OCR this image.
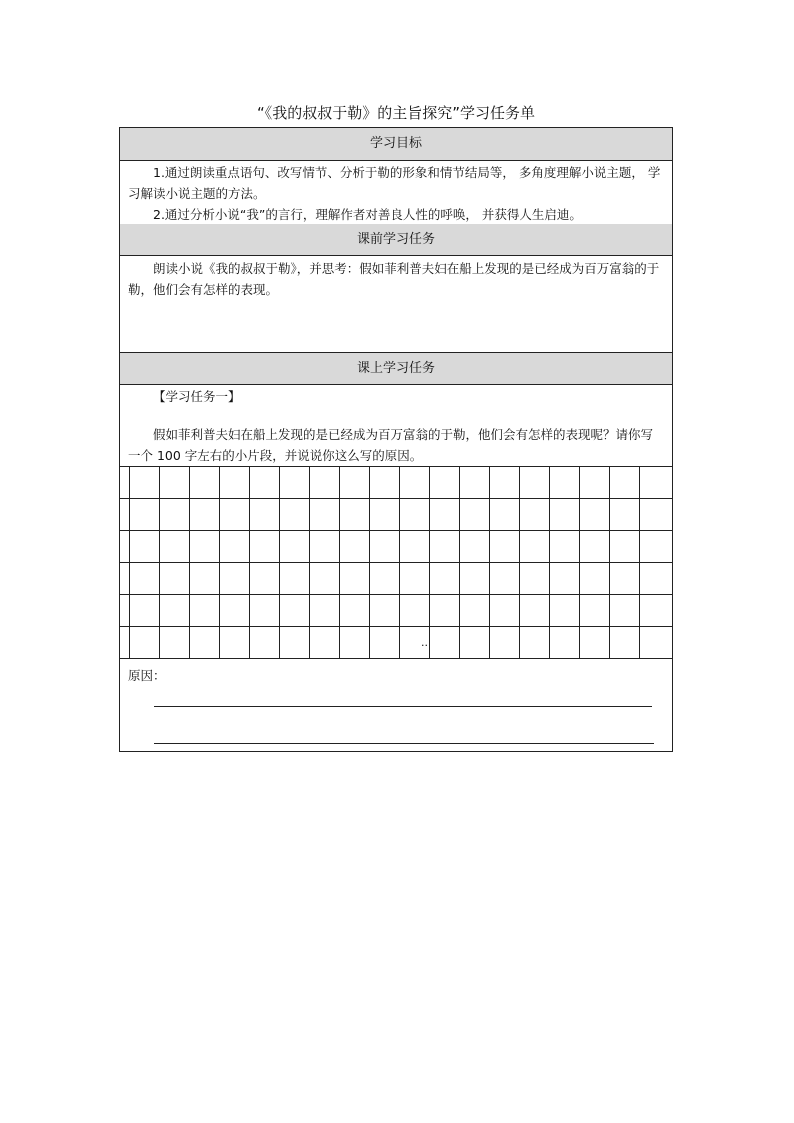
“《我的叔叔于勒》的主旨探究”学习任务单
学习目标
1.通过朗读重点语句、改写情节、分析于勒的形象和情节结局等， 多角度理解小说主题， 学习解读小说主题的方法。
2.通过分析小说“我”的言行，理解作者对善良人性的呼唤， 并获得人生启迪。
课前学习任务
朗读小说《我的叔叔于勒》，并思考：假如菲利普夫妇在船上发现的是已经成为百万富翁的于勒，他们会有怎样的表现。
课上学习任务
【学习任务一】
假如菲利普夫妇在船上发现的是已经成为百万富翁的于勒，他们会有怎样的表现呢？请你写一个 100 字左右的小片段，并说说你这么写的原因。
..
原因：
